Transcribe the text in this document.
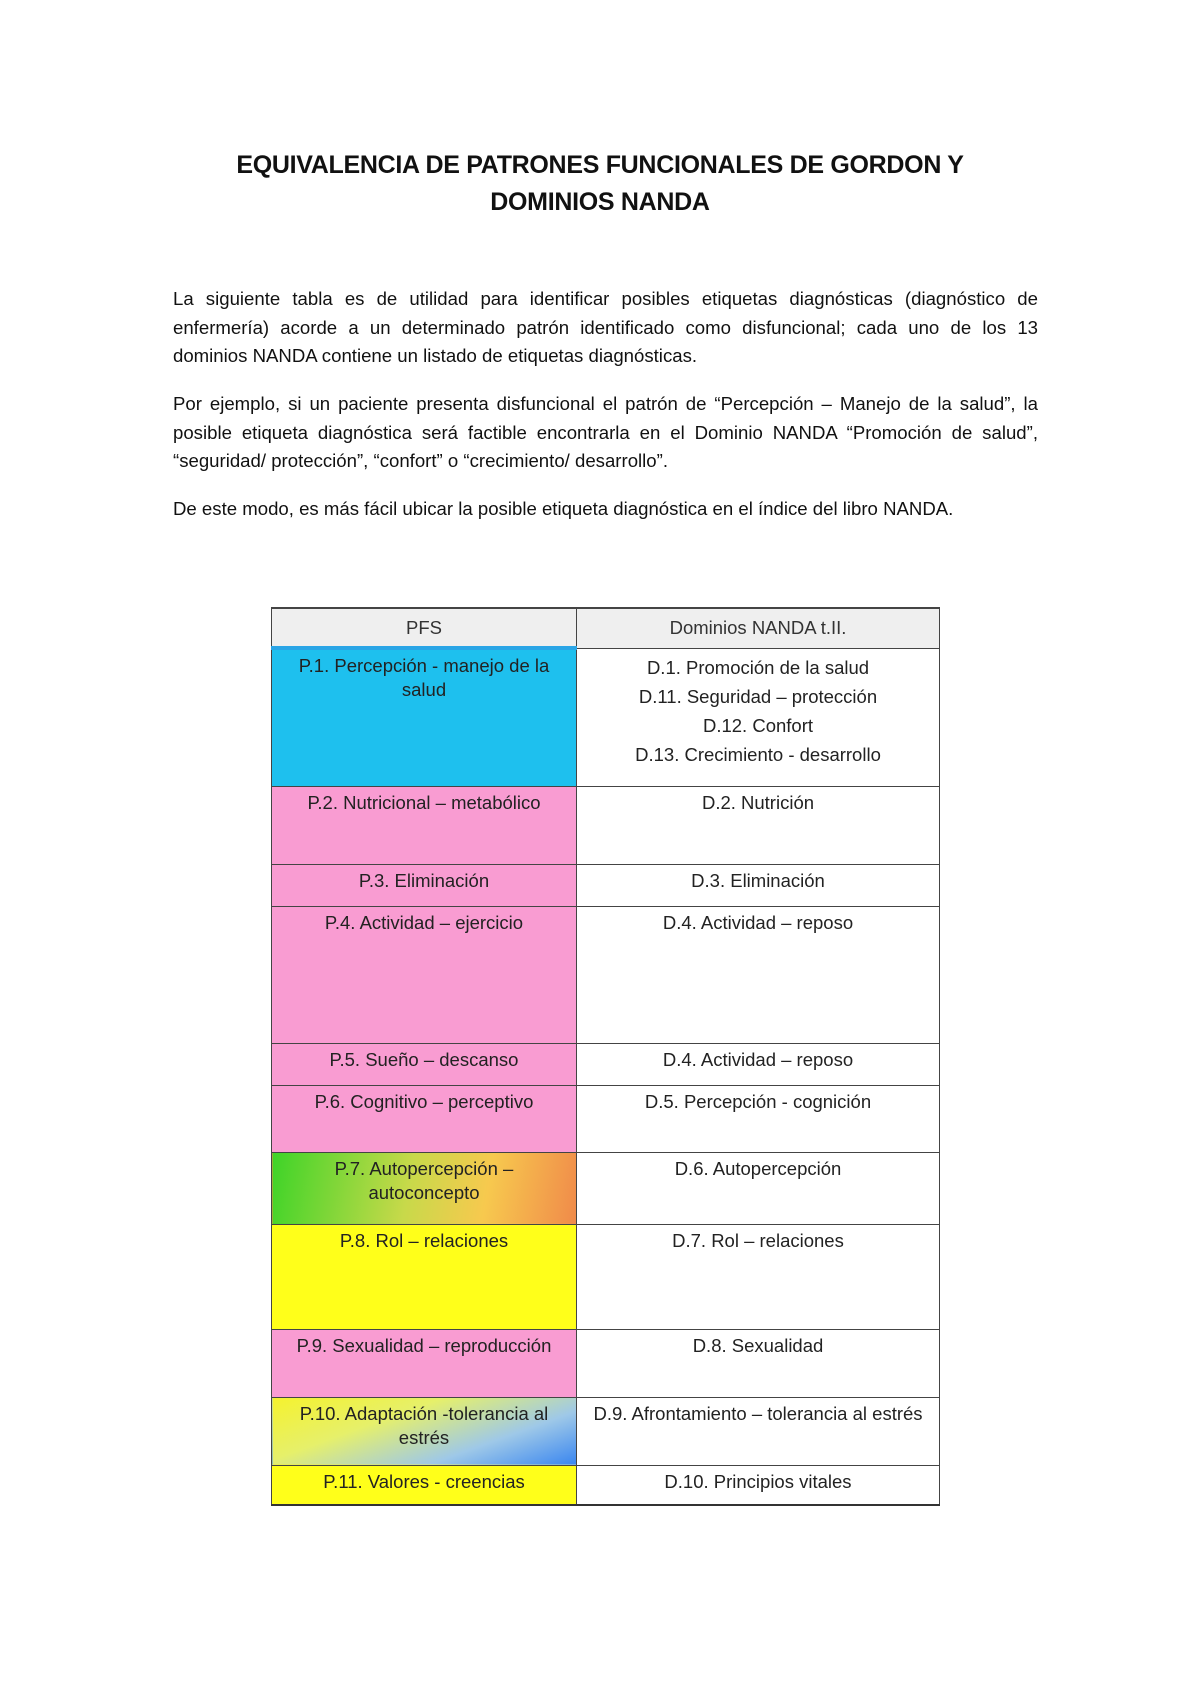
EQUIVALENCIA DE PATRONES FUNCIONALES DE GORDON Y
DOMINIOS NANDA

La siguiente tabla es de utilidad para identificar posibles etiquetas diagnósticas (diagnóstico de enfermería) acorde a un determinado patrón identificado como disfuncional; cada uno de los 13 dominios NANDA contiene un listado de etiquetas diagnósticas.

Por ejemplo, si un paciente presenta disfuncional el patrón de “Percepción – Manejo de la salud”, la posible etiqueta diagnóstica será factible encontrarla en el Dominio NANDA “Promoción de salud”, “seguridad/ protección”, “confort” o “crecimiento/ desarrollo”.

De este modo, es más fácil ubicar la posible etiqueta diagnóstica en el índice del libro NANDA.

PFS	Dominios NANDA t.II.
P.1. Percepción - manejo de la salud	D.1. Promoción de la salud
D.11. Seguridad – protección
D.12. Confort
D.13. Crecimiento - desarrollo

P.2. Nutricional – metabólico	D.2. Nutrición
P.3. Eliminación	D.3. Eliminación
P.4. Actividad – ejercicio	D.4. Actividad – reposo
P.5. Sueño – descanso	D.4. Actividad – reposo
P.6. Cognitivo – perceptivo	D.5. Percepción - cognición
P.7. Autopercepción – autoconcepto	D.6. Autopercepción
P.8. Rol – relaciones	D.7. Rol – relaciones
P.9. Sexualidad – reproducción	D.8. Sexualidad
P.10. Adaptación -tolerancia al estrés	D.9. Afrontamiento – tolerancia al estrés
P.11. Valores - creencias	D.10. Principios vitales
